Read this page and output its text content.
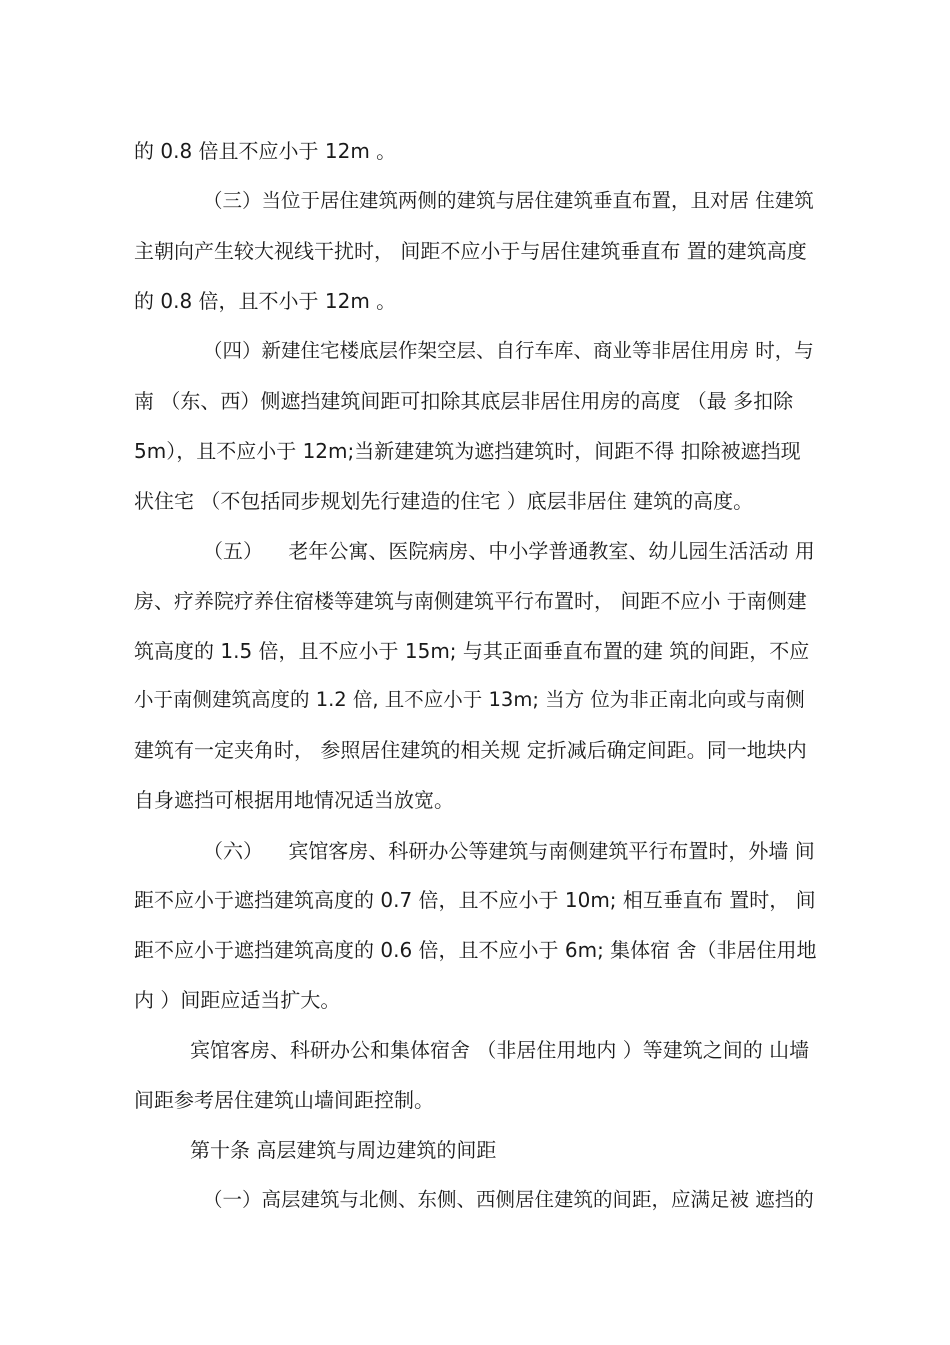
的 0.8 倍且不应小于 12m 。
（三）当位于居住建筑两侧的建筑与居住建筑垂直布置，且对居 住建筑
主朝向产生较大视线干扰时， 间距不应小于与居住建筑垂直布 置的建筑高度
的 0.8 倍，且不小于 12m 。
（四）新建住宅楼底层作架空层、自行车库、商业等非居住用房 时，与
南 （东、西）侧遮挡建筑间距可扣除其底层非居住用房的高度 （最 多扣除
5m），且不应小于 12m;当新建建筑为遮挡建筑时，间距不得 扣除被遮挡现
状住宅 （不包括同步规划先行建造的住宅 ）底层非居住 建筑的高度。
（五）    老年公寓、医院病房、中小学普通教室、幼儿园生活活动 用
房、疗养院疗养住宿楼等建筑与南侧建筑平行布置时， 间距不应小 于南侧建
筑高度的 1.5 倍，且不应小于 15m; 与其正面垂直布置的建 筑的间距，不应
小于南侧建筑高度的 1.2 倍, 且不应小于 13m; 当方 位为非正南北向或与南侧
建筑有一定夹角时， 参照居住建筑的相关规 定折减后确定间距。同一地块内
自身遮挡可根据用地情况适当放宽。
（六）    宾馆客房、科研办公等建筑与南侧建筑平行布置时，外墙 间
距不应小于遮挡建筑高度的 0.7 倍，且不应小于 10m; 相互垂直布 置时， 间
距不应小于遮挡建筑高度的 0.6 倍，且不应小于 6m; 集体宿 舍（非居住用地
内 ）间距应适当扩大。
宾馆客房、科研办公和集体宿舍 （非居住用地内 ）等建筑之间的 山墙
间距参考居住建筑山墙间距控制。
第十条 高层建筑与周边建筑的间距
（一）高层建筑与北侧、东侧、西侧居住建筑的间距，应满足被 遮挡的
